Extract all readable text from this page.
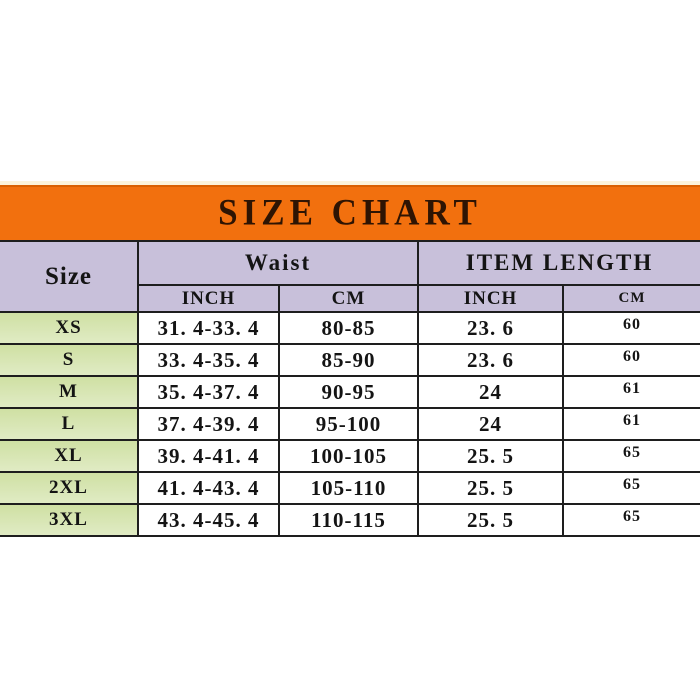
SIZE CHART
Size	Waist		ITEM LENGTH	
	INCH	CM	INCH	CM
XS	31. 4-33. 4	80-85	23. 6	60
S	33. 4-35. 4	85-90	23. 6	60
M	35. 4-37. 4	90-95	24	61
L	37. 4-39. 4	95-100	24	61
XL	39. 4-41. 4	100-105	25. 5	65
2XL	41. 4-43. 4	105-110	25. 5	65
3XL	43. 4-45. 4	110-115	25. 5	65
